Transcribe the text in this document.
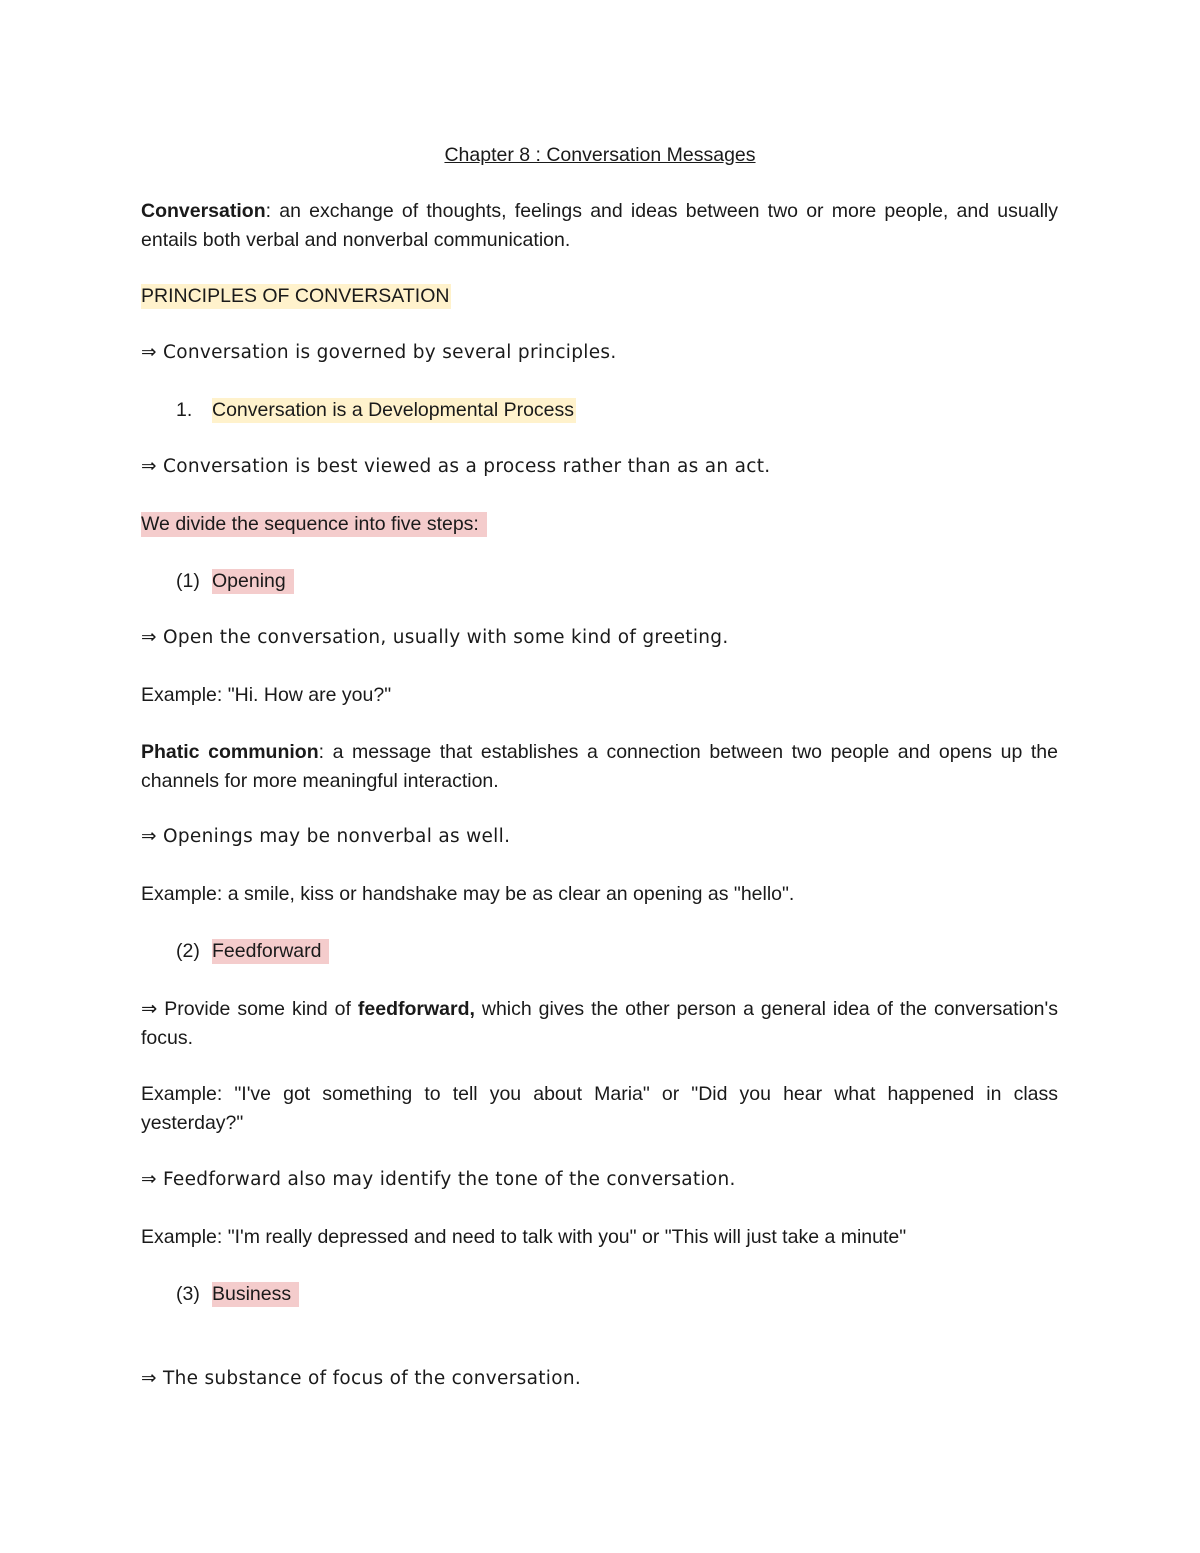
Chapter 8 : Conversation Messages
Conversation: an exchange of thoughts, feelings and ideas between two or more people, and usually entails both verbal and nonverbal communication.
PRINCIPLES OF CONVERSATION
⇒ Conversation is governed by several principles.
1. Conversation is a Developmental Process
⇒ Conversation is best viewed as a process rather than as an act.
We divide the sequence into five steps:
(1) Opening
⇒ Open the conversation, usually with some kind of greeting.
Example: "Hi. How are you?"
Phatic communion: a message that establishes a connection between two people and opens up the channels for more meaningful interaction.
⇒ Openings may be nonverbal as well.
Example: a smile, kiss or handshake may be as clear an opening as "hello".
(2) Feedforward
⇒ Provide some kind of feedforward, which gives the other person a general idea of the conversation's focus.
Example: "I've got something to tell you about Maria" or "Did you hear what happened in class yesterday?"
⇒ Feedforward also may identify the tone of the conversation.
Example: "I'm really depressed and need to talk with you" or "This will just take a minute"
(3) Business
⇒ The substance of focus of the conversation.
